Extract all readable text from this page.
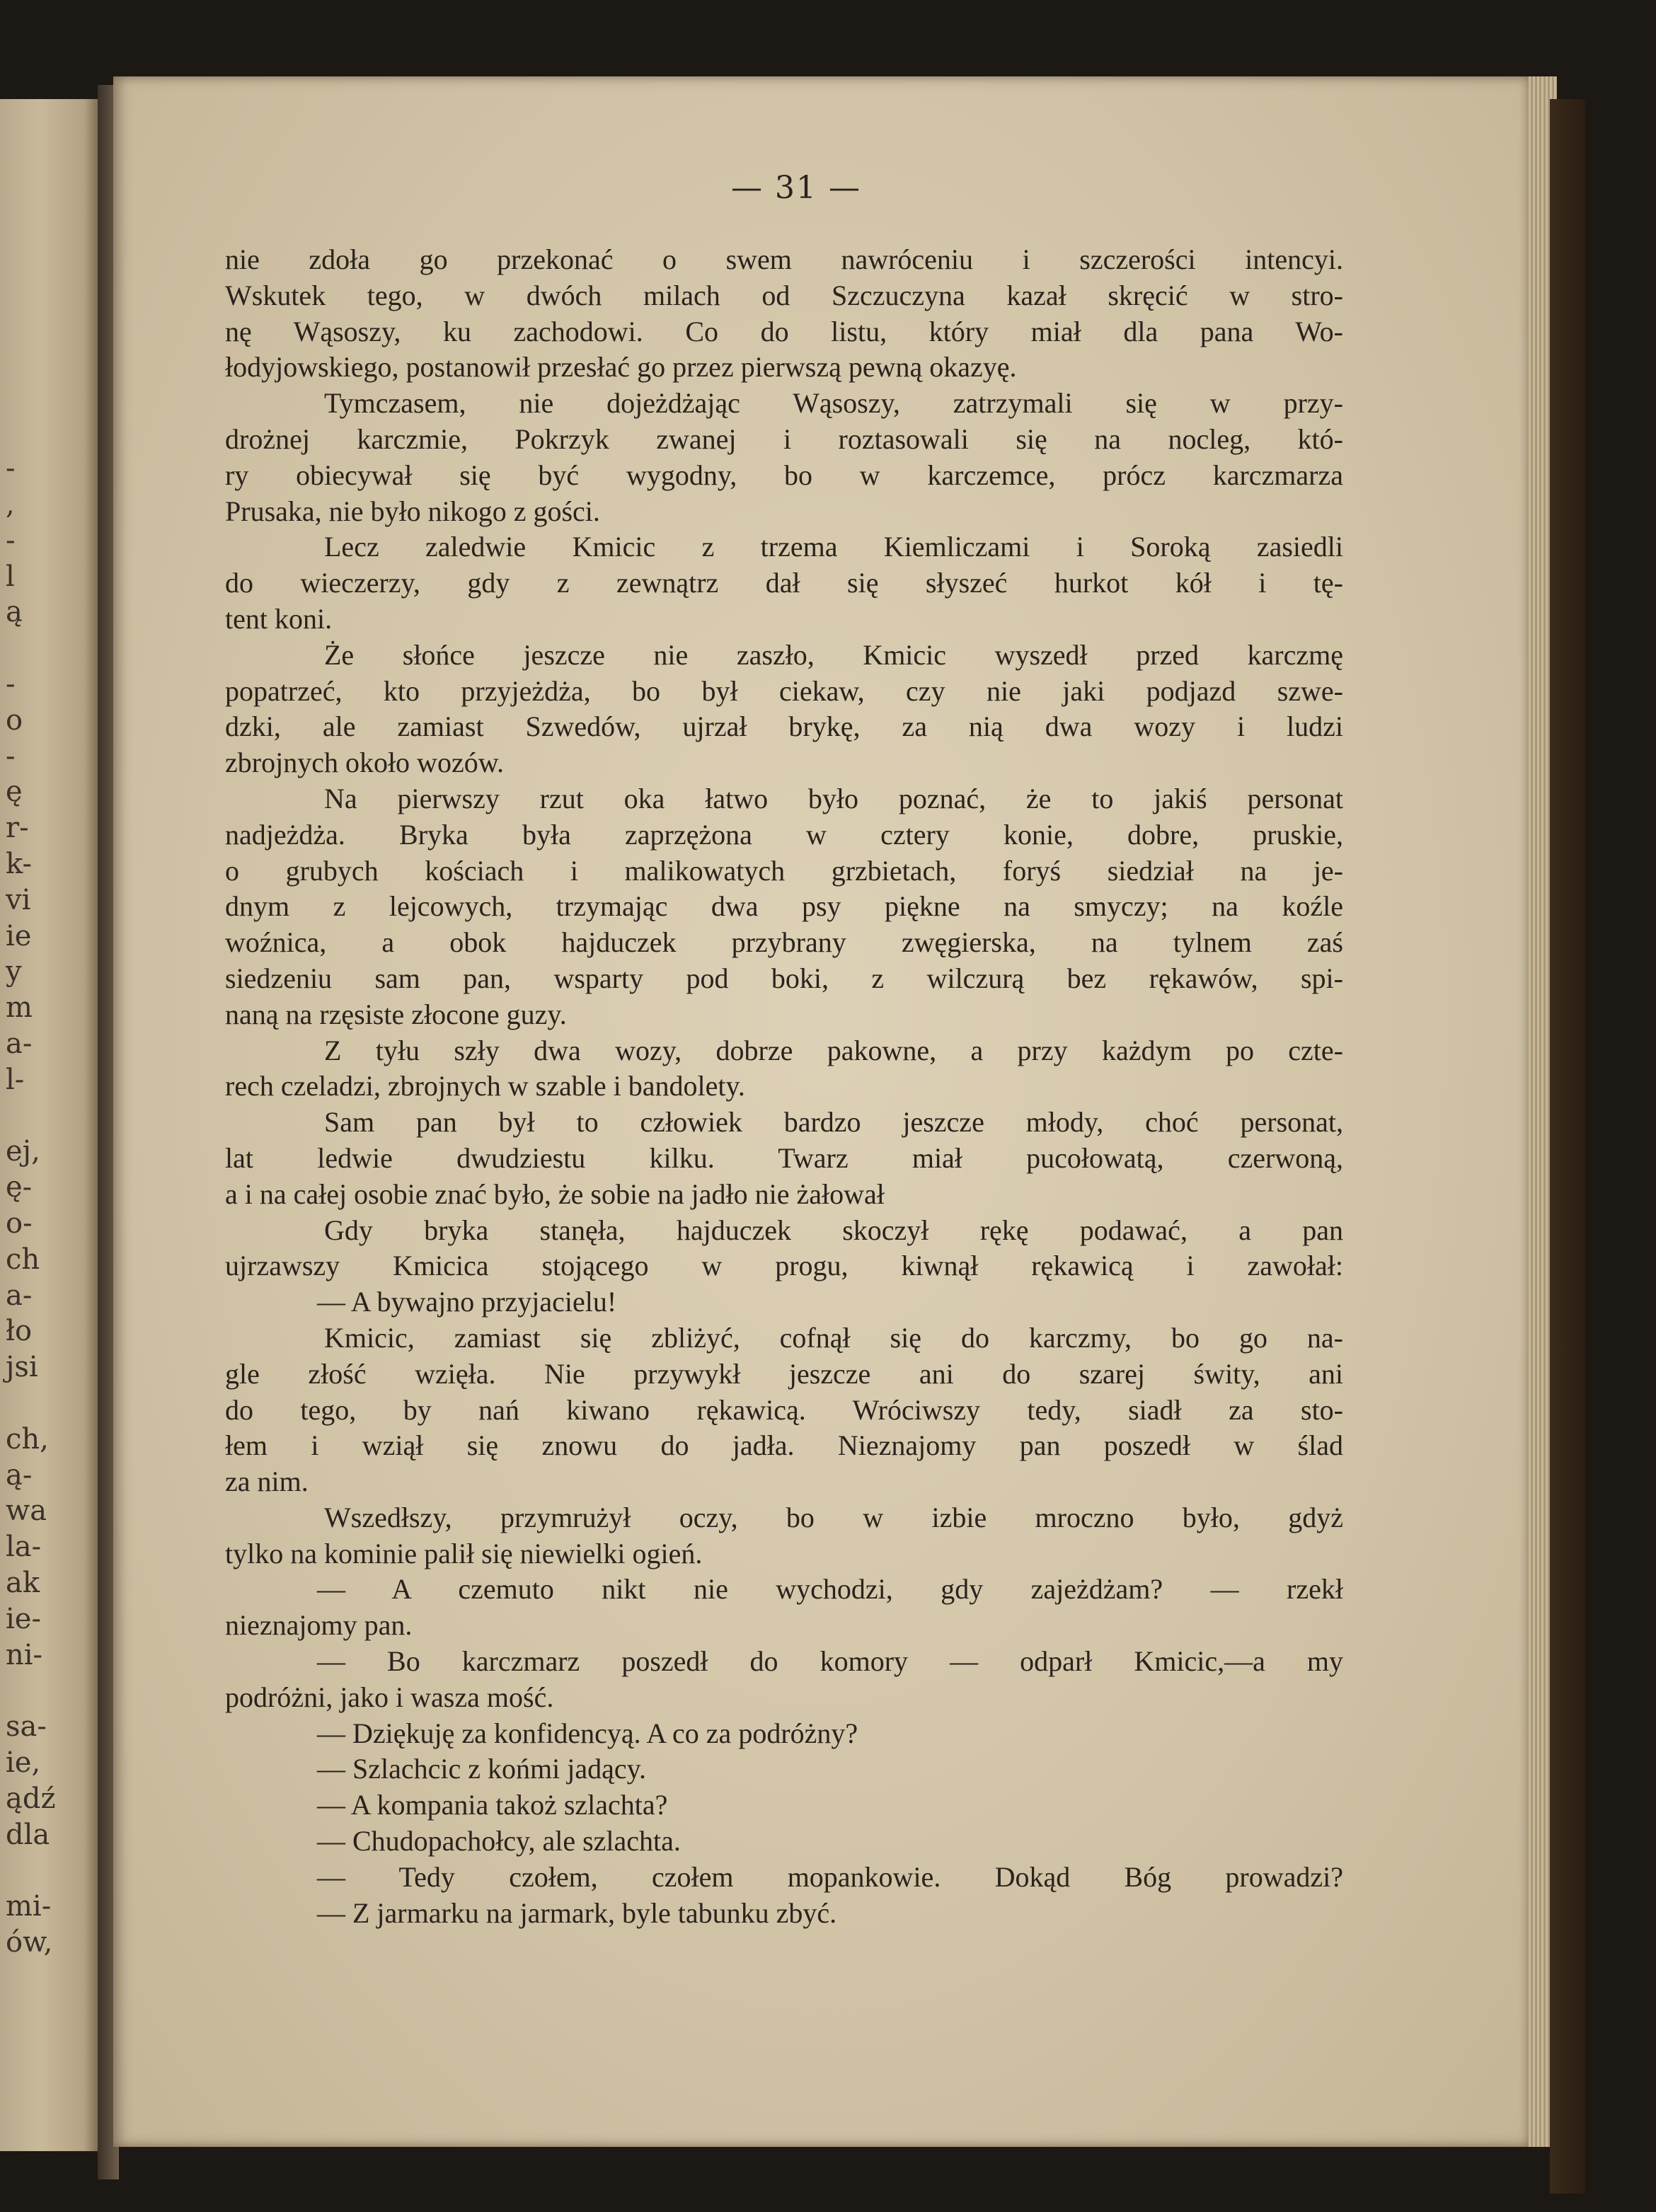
-
,
-
l
ą
-
o
-
ę
r-
k-
vi
ie
y
m
a-
l-
ej,
ę-
o-
ch
a-
ło
jsi
ch,
ą-
wa
la-
ak
ie-
ni-
sa-
ie,
ądź
dla
mi-
ów,
— 31 —
nie zdoła go przekonać o swem nawróceniu i szczerości intencyi.
Wskutek tego, w dwóch milach od Szczuczyna kazał skręcić w stro-
nę Wąsoszy, ku zachodowi. Co do listu, który miał dla pana Wo-
łodyjowskiego, postanowił przesłać go przez pierwszą pewną okazyę.
Tymczasem, nie dojeżdżając Wąsoszy, zatrzymali się w przy-
drożnej karczmie, Pokrzyk zwanej i roztasowali się na nocleg, któ-
ry obiecywał się być wygodny, bo w karczemce, prócz karczmarza
Prusaka, nie było nikogo z gości.
Lecz zaledwie Kmicic z trzema Kiemliczami i Soroką zasiedli
do wieczerzy, gdy z zewnątrz dał się słyszeć hurkot kół i tę-
tent koni.
Że słońce jeszcze nie zaszło, Kmicic wyszedł przed karczmę
popatrzeć, kto przyjeżdża, bo był ciekaw, czy nie jaki podjazd szwe-
dzki, ale zamiast Szwedów, ujrzał brykę, za nią dwa wozy i ludzi
zbrojnych około wozów.
Na pierwszy rzut oka łatwo było poznać, że to jakiś personat
nadjeżdża. Bryka była zaprzężona w cztery konie, dobre, pruskie,
o grubych kościach i malikowatych grzbietach, foryś siedział na je-
dnym z lejcowych, trzymając dwa psy piękne na smyczy; na koźle
woźnica, a obok hajduczek przybrany zwęgierska, na tylnem zaś
siedzeniu sam pan, wsparty pod boki, z wilczurą bez rękawów, spi-
naną na rzęsiste złocone guzy.
Z tyłu szły dwa wozy, dobrze pakowne, a przy każdym po czte-
rech czeladzi, zbrojnych w szable i bandolety.
Sam pan był to człowiek bardzo jeszcze młody, choć personat,
lat ledwie dwudziestu kilku. Twarz miał pucołowatą, czerwoną,
a i na całej osobie znać było, że sobie na jadło nie żałował
Gdy bryka stanęła, hajduczek skoczył rękę podawać, a pan
ujrzawszy Kmicica stojącego w progu, kiwnął rękawicą i zawołał:
— A bywajno przyjacielu!
Kmicic, zamiast się zbliżyć, cofnął się do karczmy, bo go na-
gle złość wzięła. Nie przywykł jeszcze ani do szarej świty, ani
do tego, by nań kiwano rękawicą. Wróciwszy tedy, siadł za sto-
łem i wziął się znowu do jadła. Nieznajomy pan poszedł w ślad
za nim.
Wszedłszy, przymrużył oczy, bo w izbie mroczno było, gdyż
tylko na kominie palił się niewielki ogień.
— A czemuto nikt nie wychodzi, gdy zajeżdżam? — rzekł
nieznajomy pan.
— Bo karczmarz poszedł do komory — odparł Kmicic,—a my
podróżni, jako i wasza mość.
— Dziękuję za konfidencyą. A co za podróżny?
— Szlachcic z końmi jadący.
— A kompania takoż szlachta?
— Chudopachołcy, ale szlachta.
— Tedy czołem, czołem mopankowie. Dokąd Bóg prowadzi?
— Z jarmarku na jarmark, byle tabunku zbyć.
